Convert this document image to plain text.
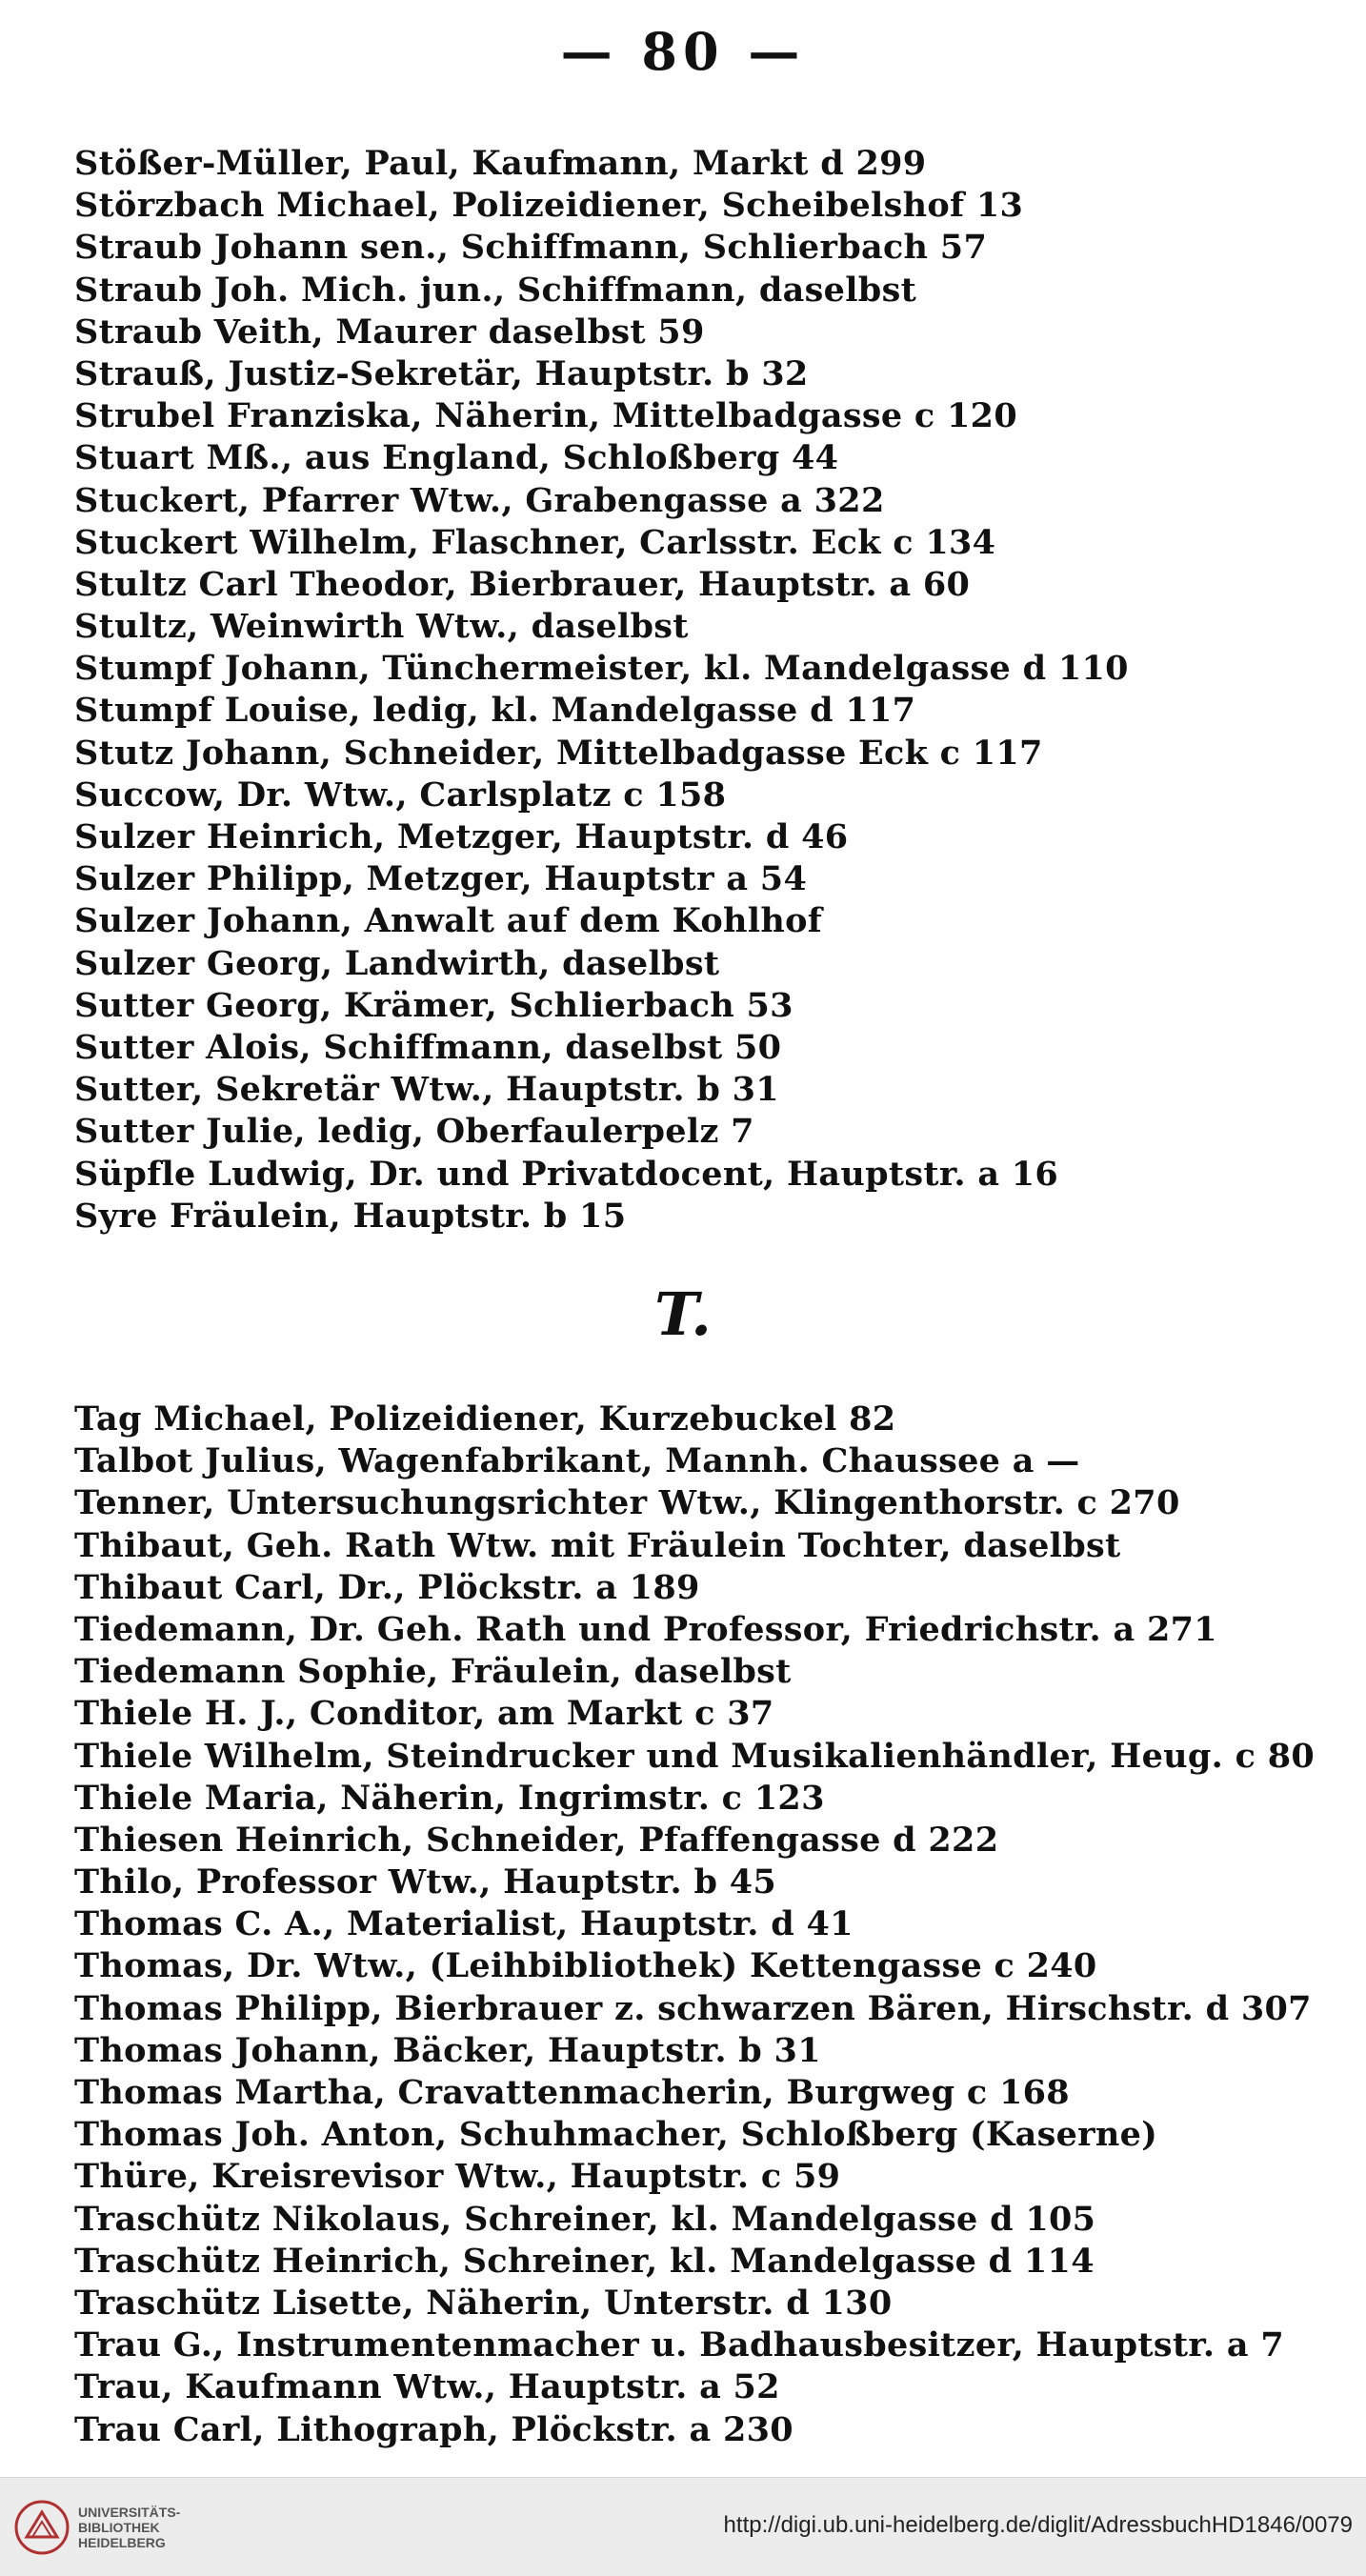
— 80 —
Stößer-Müller, Paul, Kaufmann, Markt d 299
Störzbach Michael, Polizeidiener, Scheibelshof 13
Straub Johann sen., Schiffmann, Schlierbach 57
Straub Joh. Mich. jun., Schiffmann, daselbst
Straub Veith, Maurer daselbst 59
Strauß, Justiz-Sekretär, Hauptstr. b 32
Strubel Franziska, Näherin, Mittelbadgasse c 120
Stuart Mß., aus England, Schloßberg 44
Stuckert, Pfarrer Wtw., Grabengasse a 322
Stuckert Wilhelm, Flaschner, Carlsstr. Eck c 134
Stultz Carl Theodor, Bierbrauer, Hauptstr. a 60
Stultz, Weinwirth Wtw., daselbst
Stumpf Johann, Tünchermeister, kl. Mandelgasse d 110
Stumpf Louise, ledig, kl. Mandelgasse d 117
Stutz Johann, Schneider, Mittelbadgasse Eck c 117
Succow, Dr. Wtw., Carlsplatz c 158
Sulzer Heinrich, Metzger, Hauptstr. d 46
Sulzer Philipp, Metzger, Hauptstr a 54
Sulzer Johann, Anwalt auf dem Kohlhof
Sulzer Georg, Landwirth, daselbst
Sutter Georg, Krämer, Schlierbach 53
Sutter Alois, Schiffmann, daselbst 50
Sutter, Sekretär Wtw., Hauptstr. b 31
Sutter Julie, ledig, Oberfaulerpelz 7
Süpfle Ludwig, Dr. und Privatdocent, Hauptstr. a 16
Syre Fräulein, Hauptstr. b 15
T.
Tag Michael, Polizeidiener, Kurzebuckel 82
Talbot Julius, Wagenfabrikant, Mannh. Chaussee a —
Tenner, Untersuchungsrichter Wtw., Klingenthorstr. c 270
Thibaut, Geh. Rath Wtw. mit Fräulein Tochter, daselbst
Thibaut Carl, Dr., Plöckstr. a 189
Tiedemann, Dr. Geh. Rath und Professor, Friedrichstr. a 271
Tiedemann Sophie, Fräulein, daselbst
Thiele H. J., Conditor, am Markt c 37
Thiele Wilhelm, Steindrucker und Musikalienhändler, Heug. c 80
Thiele Maria, Näherin, Ingrimstr. c 123
Thiesen Heinrich, Schneider, Pfaffengasse d 222
Thilo, Professor Wtw., Hauptstr. b 45
Thomas C. A., Materialist, Hauptstr. d 41
Thomas, Dr. Wtw., (Leihbibliothek) Kettengasse c 240
Thomas Philipp, Bierbrauer z. schwarzen Bären, Hirschstr. d 307
Thomas Johann, Bäcker, Hauptstr. b 31
Thomas Martha, Cravattenmacherin, Burgweg c 168
Thomas Joh. Anton, Schuhmacher, Schloßberg (Kaserne)
Thüre, Kreisrevisor Wtw., Hauptstr. c 59
Traschütz Nikolaus, Schreiner, kl. Mandelgasse d 105
Traschütz Heinrich, Schreiner, kl. Mandelgasse d 114
Traschütz Lisette, Näherin, Unterstr. d 130
Trau G., Instrumentenmacher u. Badhausbesitzer, Hauptstr. a 7
Trau, Kaufmann Wtw., Hauptstr. a 52
Trau Carl, Lithograph, Plöckstr. a 230
UNIVERSITÄTS-
BIBLIOTHEK
HEIDELBERG
http://digi.ub.uni-heidelberg.de/diglit/AdressbuchHD1846/0079
